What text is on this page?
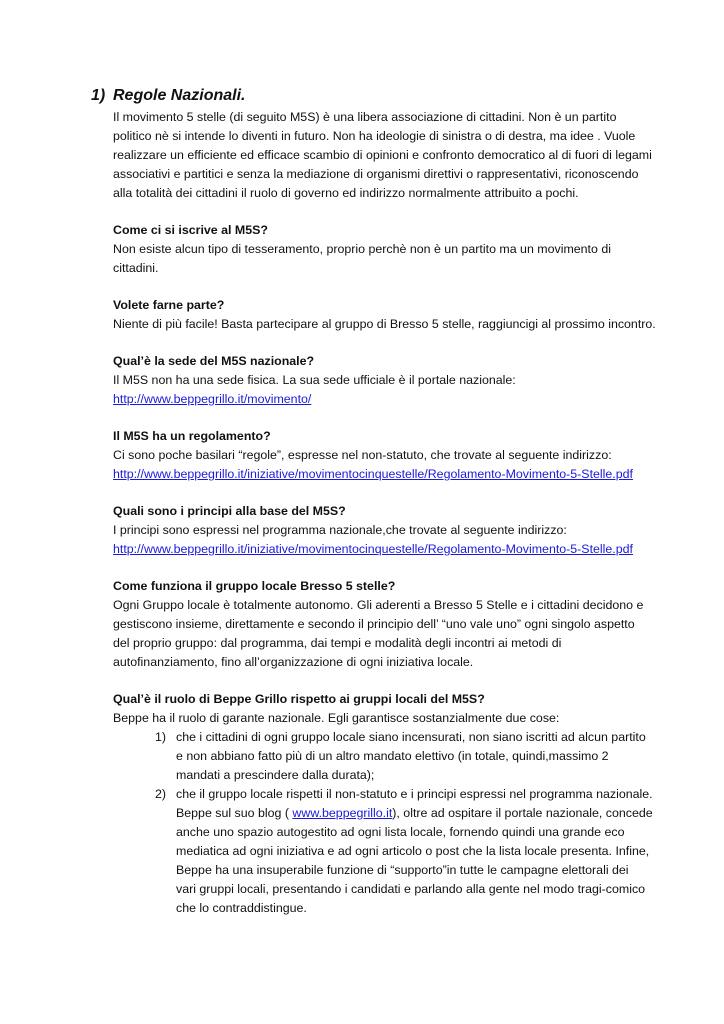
1) Regole Nazionali.
Il movimento 5 stelle (di seguito M5S) è una libera associazione di cittadini. Non è un partito
politico nè si intende lo diventi in futuro. Non ha ideologie di sinistra o di destra, ma idee . Vuole
realizzare un efficiente ed efficace scambio di opinioni e confronto democratico al di fuori di legami
associativi e partitici e senza la mediazione di organismi direttivi o rappresentativi, riconoscendo
alla totalità dei cittadini il ruolo di governo ed indirizzo normalmente attribuito a pochi.
Come ci si iscrive al M5S?
Non esiste alcun tipo di tesseramento, proprio perchè non è un partito ma un movimento di
cittadini.
Volete farne parte?
Niente di più facile! Basta partecipare al gruppo di Bresso 5 stelle, raggiuncigi al prossimo incontro.
Qual’è la sede del M5S nazionale?
Il M5S non ha una sede fisica. La sua sede ufficiale è il portale nazionale:
http://www.beppegrillo.it/movimento/
Il M5S ha un regolamento?
Ci sono poche basilari “regole”, espresse nel non-statuto, che trovate al seguente indirizzo:
http://www.beppegrillo.it/iniziative/movimentocinquestelle/Regolamento-Movimento-5-Stelle.pdf
Quali sono i principi alla base del M5S?
I principi sono espressi nel programma nazionale,che trovate al seguente indirizzo:
http://www.beppegrillo.it/iniziative/movimentocinquestelle/Regolamento-Movimento-5-Stelle.pdf
Come funziona il gruppo locale Bresso 5 stelle?
Ogni Gruppo locale è totalmente autonomo. Gli aderenti a Bresso 5 Stelle e i cittadini decidono e
gestiscono insieme, direttamente e secondo il principio dell’ “uno vale uno” ogni singolo aspetto
del proprio gruppo: dal programma, dai tempi e modalità degli incontri ai metodi di
autofinanziamento, fino all’organizzazione di ogni iniziativa locale.
Qual’è il ruolo di Beppe Grillo rispetto ai gruppi locali del M5S?
Beppe ha il ruolo di garante nazionale. Egli garantisce sostanzialmente due cose:
1) che i cittadini di ogni gruppo locale siano incensurati, non siano iscritti ad alcun partito
e non abbiano fatto più di un altro mandato elettivo (in totale, quindi,massimo 2
mandati a prescindere dalla durata);
2) che il gruppo locale rispetti il non-statuto e i principi espressi nel programma nazionale.
Beppe sul suo blog ( www.beppegrillo.it), oltre ad ospitare il portale nazionale, concede
anche uno spazio autogestito ad ogni lista locale, fornendo quindi una grande eco
mediatica ad ogni iniziativa e ad ogni articolo o post che la lista locale presenta. Infine,
Beppe ha una insuperabile funzione di “supporto”in tutte le campagne elettorali dei
vari gruppi locali, presentando i candidati e parlando alla gente nel modo tragi-comico
che lo contraddistingue.
